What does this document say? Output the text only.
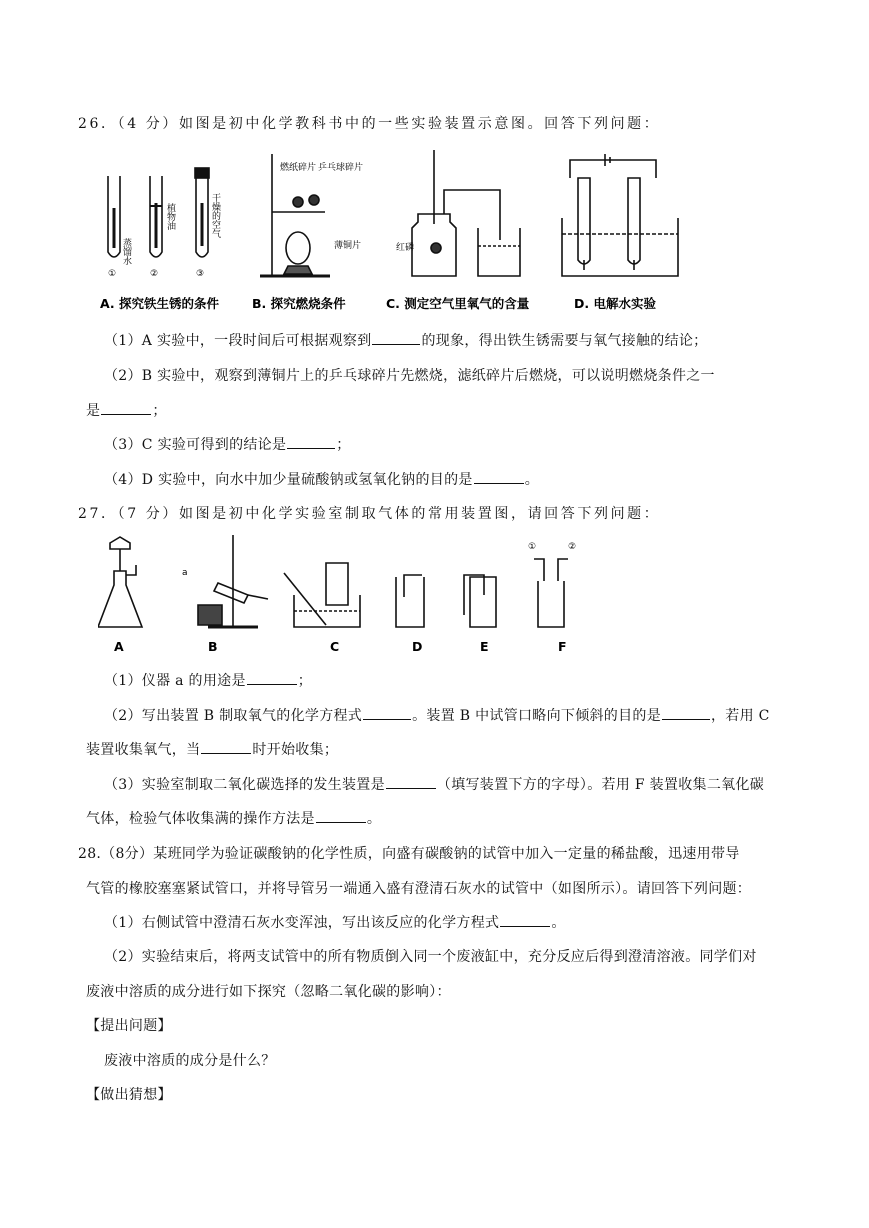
26．（4 分）如图是初中化学教科书中的一些实验装置示意图。回答下列问题：
蒸馏水
植物油	干燥的空气
①	②	③
燃纸碎片 乒乓球碎片
薄铜片	红磷
A. 探究铁生锈的条件	B. 探究燃烧条件	C. 测定空气里氧气的含量	D. 电解水实验
（1）A 实验中，一段时间后可根据观察到	的现象，得出铁生锈需要与氧气接触的结论；
（2）B 实验中，观察到薄铜片上的乒乓球碎片先燃烧，滤纸碎片后燃烧，可以说明燃烧条件之一
是	；
（3）C 实验可得到的结论是	；
（4）D 实验中，向水中加少量硫酸钠或氢氧化钠的目的是	。
27．（7 分）如图是初中化学实验室制取气体的常用装置图，请回答下列问题：
A	B	C	D	E	F
a
①	②
（1）仪器 a 的用途是	；
（2）写出装置 B 制取氧气的化学方程式	。装置 B 中试管口略向下倾斜的目的是	，若用 C
装置收集氧气，当	时开始收集；
（3）实验室制取二氧化碳选择的发生装置是	（填写装置下方的字母）。若用 F 装置收集二氧化碳
气体，检验气体收集满的操作方法是	。
28.（8分）某班同学为验证碳酸钠的化学性质，向盛有碳酸钠的试管中加入一定量的稀盐酸，迅速用带导
气管的橡胶塞塞紧试管口，并将导管另一端通入盛有澄清石灰水的试管中（如图所示）。请回答下列问题：
（1）右侧试管中澄清石灰水变浑浊，写出该反应的化学方程式	。
（2）实验结束后，将两支试管中的所有物质倒入同一个废液缸中，充分反应后得到澄清溶液。同学们对
废液中溶质的成分进行如下探究（忽略二氧化碳的影响）：
【提出问题】
废液中溶质的成分是什么？
【做出猜想】
